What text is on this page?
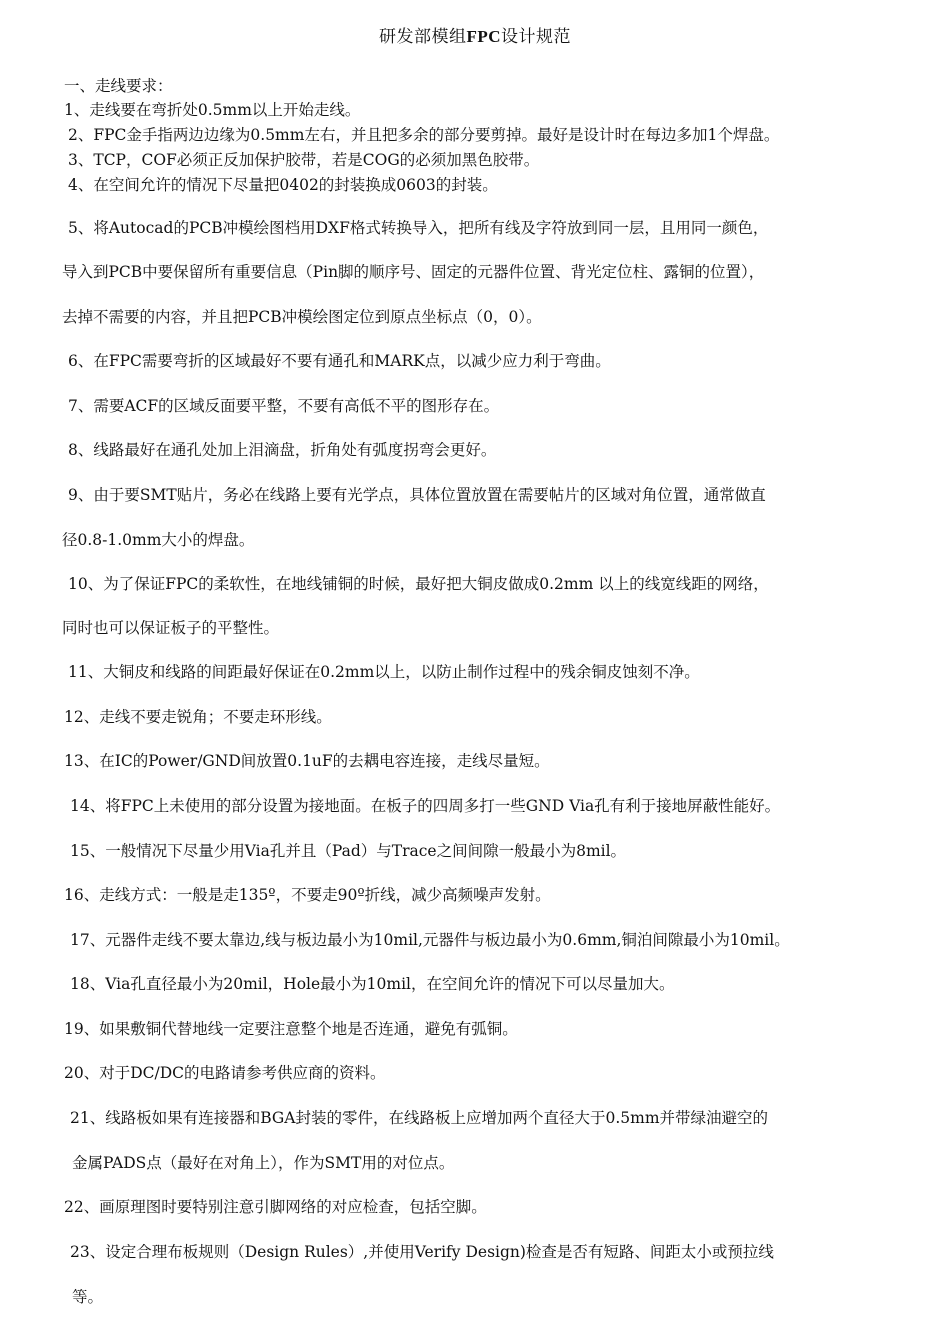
研发部模组FPC设计规范
一、走线要求：
1、走线要在弯折处0.5mm以上开始走线。
2、FPC金手指两边边缘为0.5mm左右，并且把多余的部分要剪掉。最好是设计时在每边多加1个焊盘。
3、TCP，COF必须正反加保护胶带，若是COG的必须加黑色胶带。
4、在空间允许的情况下尽量把0402的封装换成0603的封装。
5、将Autocad的PCB冲模绘图档用DXF格式转换导入，把所有线及字符放到同一层，且用同一颜色，
导入到PCB中要保留所有重要信息（Pin脚的顺序号、固定的元器件位置、背光定位柱、露铜的位置），
去掉不需要的内容，并且把PCB冲模绘图定位到原点坐标点（0，0）。
6、在FPC需要弯折的区域最好不要有通孔和MARK点，以减少应力利于弯曲。
7、需要ACF的区域反面要平整，不要有高低不平的图形存在。
8、线路最好在通孔处加上泪滴盘，折角处有弧度拐弯会更好。
9、由于要SMT贴片，务必在线路上要有光学点，具体位置放置在需要帖片的区域对角位置，通常做直
径0.8-1.0mm大小的焊盘。
10、为了保证FPC的柔软性，在地线铺铜的时候，最好把大铜皮做成0.2mm 以上的线宽线距的网络，
同时也可以保证板子的平整性。
11、大铜皮和线路的间距最好保证在0.2mm以上，以防止制作过程中的残余铜皮蚀刻不净。
12、走线不要走锐角；不要走环形线。
13、在IC的Power/GND间放置0.1uF的去耦电容连接，走线尽量短。
14、将FPC上未使用的部分设置为接地面。在板子的四周多打一些GND Via孔有利于接地屏蔽性能好。
15、一般情况下尽量少用Via孔并且（Pad）与Trace之间间隙一般最小为8mil。
16、走线方式：一般是走135º，不要走90º折线，减少高频噪声发射。
17、元器件走线不要太靠边,线与板边最小为10mil,元器件与板边最小为0.6mm,铜泊间隙最小为10mil。
18、Via孔直径最小为20mil，Hole最小为10mil，在空间允许的情况下可以尽量加大。
19、如果敷铜代替地线一定要注意整个地是否连通，避免有弧铜。
20、对于DC/DC的电路请参考供应商的资料。
21、线路板如果有连接器和BGA封装的零件，在线路板上应增加两个直径大于0.5mm并带绿油避空的
金属PADS点（最好在对角上），作为SMT用的对位点。
22、画原理图时要特别注意引脚网络的对应检查，包括空脚。
23、设定合理布板规则（Design Rules）,并使用Verify Design)检查是否有短路、间距太小或预拉线
等。
